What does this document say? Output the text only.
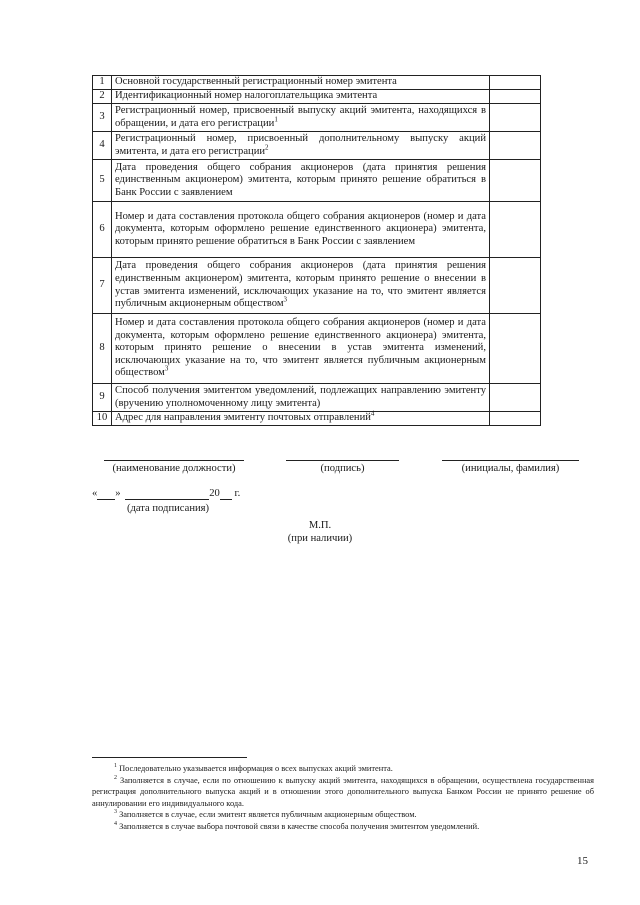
1	Основной государственный регистрационный номер эмитента	
2	Идентификационный номер налогоплательщика эмитента	
3	Регистрационный номер, присвоенный выпуску акций эмитента, находящихся в обращении, и дата его регистрации$^1$	
4	Регистрационный номер, присвоенный дополнительному выпуску акций эмитента, и дата его регистрации$^2$	
5	Дата проведения общего собрания акционеров (дата принятия решения единственным акционером) эмитента, которым принято решение обратиться в Банк России с заявлением	
6	Номер и дата составления протокола общего собрания акционеров (номер и дата документа, которым оформлено решение единственного акционера) эмитента, которым принято решение обратиться в Банк России с заявлением	
7	Дата проведения общего собрания акционеров (дата принятия решения единственным акционером) эмитента, которым принято решение о внесении в устав эмитента изменений, исключающих указание на то, что эмитент является публичным акционерным обществом$^3$	
8	Номер и дата составления протокола общего собрания акционеров (номер и дата документа, которым оформлено решение единственного акционера) эмитента, которым принято решение о внесении в устав эмитента изменений, исключающих указание на то, что эмитент является публичным акционерным обществом$^3$	
9	Способ получения эмитентом уведомлений, подлежащих направлению эмитенту (вручению уполномоченному лицу эмитента)	
10	Адрес для направления эмитенту почтовых отправлений$^4$	
(наименование должности)	(подпись)	(инициалы, фамилия)
« »	20 г.
(дата подписания)
М.П.
(при наличии)

$^1$ Последовательно указывается информация о всех выпусках акций эмитента.

$^2$ Заполняется в случае, если по отношению к выпуску акций эмитента, находящихся в обращении, осуществлена государственная регистрация дополнительного выпуска акций и в отношении этого дополнительного выпуска Банком России не принято решение об аннулировании его индивидуального кода.

$^3$ Заполняется в случае, если эмитент является публичным акционерным обществом.

$^4$ Заполняется в случае выбора почтовой связи в качестве способа получения эмитентом уведомлений.

15
